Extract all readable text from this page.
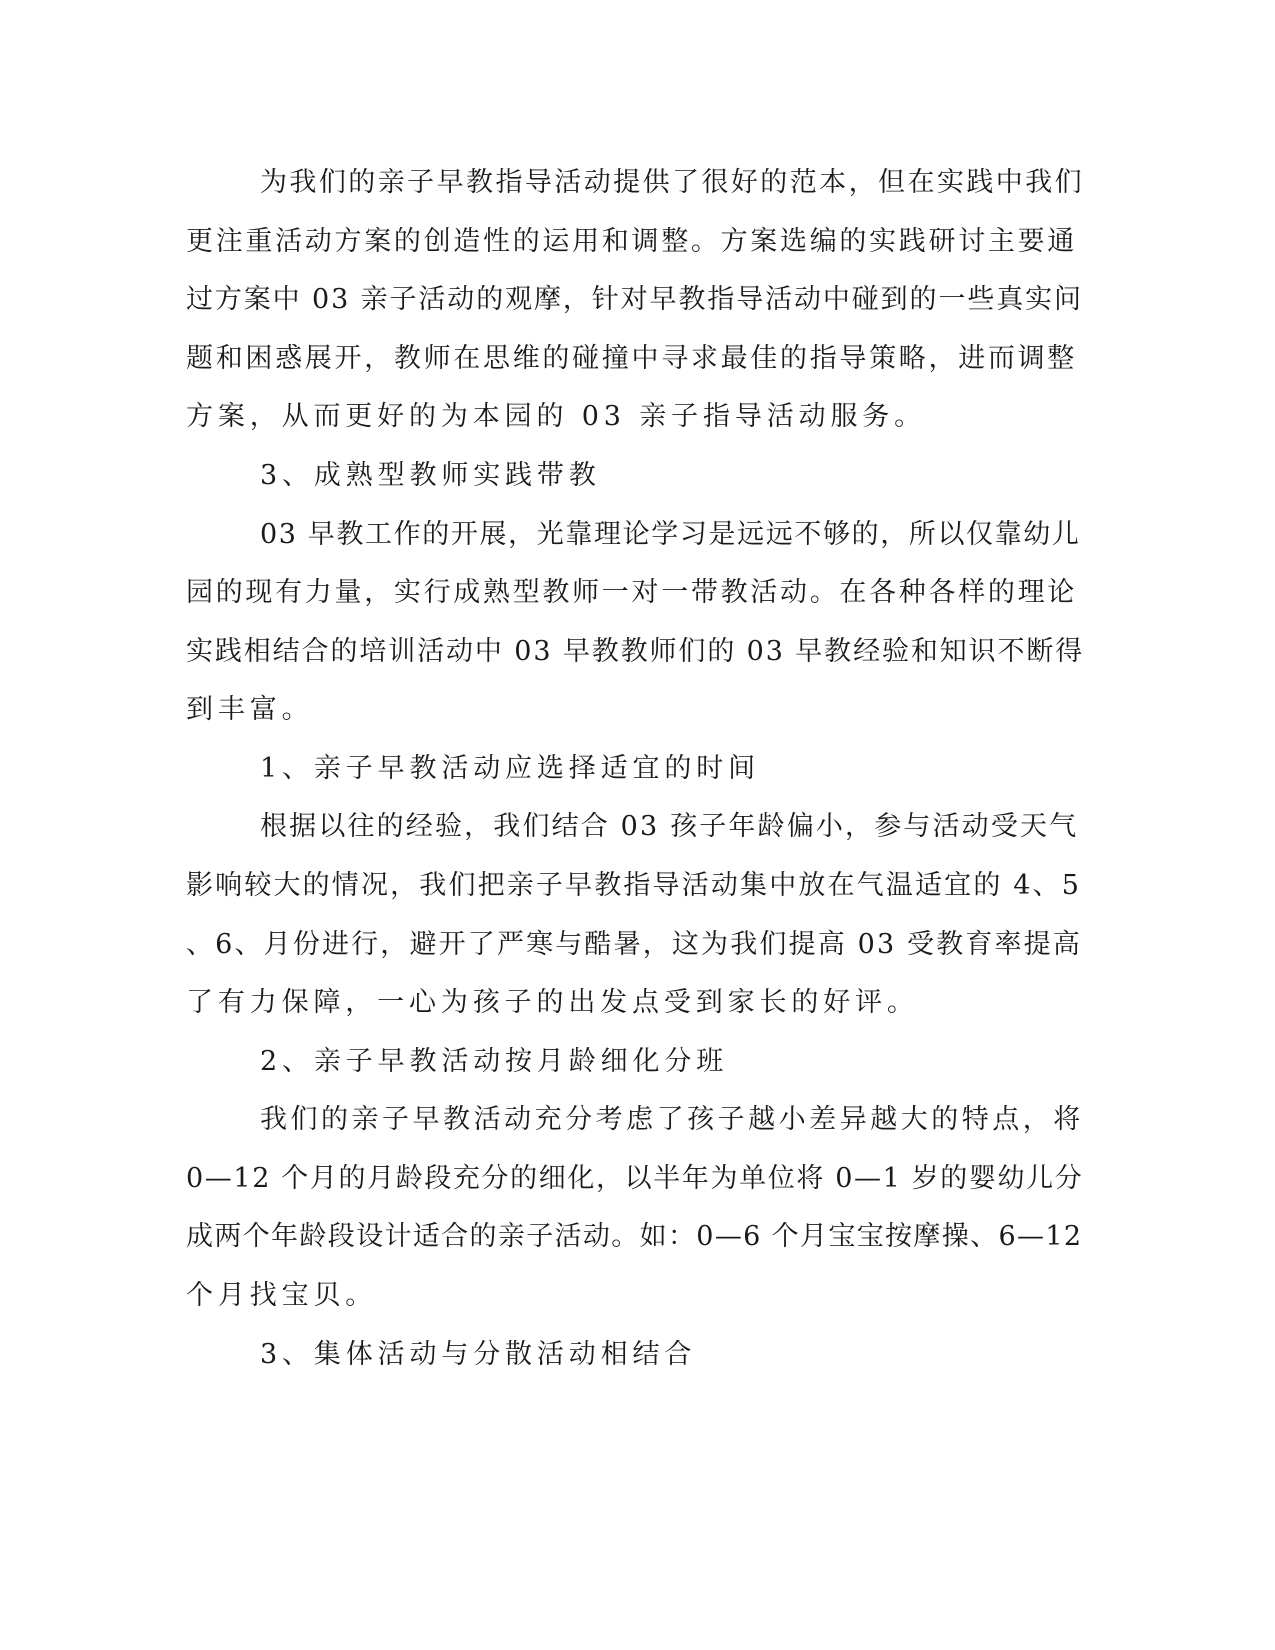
为我们的亲子早教指导活动提供了很好的范本，但在实践中我们
更注重活动方案的创造性的运用和调整。方案选编的实践研讨主要通
过方案中 03 亲子活动的观摩，针对早教指导活动中碰到的一些真实问
题和困惑展开，教师在思维的碰撞中寻求最佳的指导策略，进而调整
方案，从而更好的为本园的 03 亲子指导活动服务。
3、成熟型教师实践带教
03 早教工作的开展，光靠理论学习是远远不够的，所以仅靠幼儿
园的现有力量，实行成熟型教师一对一带教活动。在各种各样的理论
实践相结合的培训活动中 03 早教教师们的 03 早教经验和知识不断得
到丰富。
1、亲子早教活动应选择适宜的时间
根据以往的经验，我们结合 03 孩子年龄偏小，参与活动受天气
影响较大的情况，我们把亲子早教指导活动集中放在气温适宜的 4、5
、6、月份进行，避开了严寒与酷暑，这为我们提高 03 受教育率提高
了有力保障，一心为孩子的出发点受到家长的好评。
2、亲子早教活动按月龄细化分班
我们的亲子早教活动充分考虑了孩子越小差异越大的特点，将
0—12 个月的月龄段充分的细化，以半年为单位将 0—1 岁的婴幼儿分
成两个年龄段设计适合的亲子活动。如：0—6 个月宝宝按摩操、6—12
个月找宝贝。
3、集体活动与分散活动相结合
